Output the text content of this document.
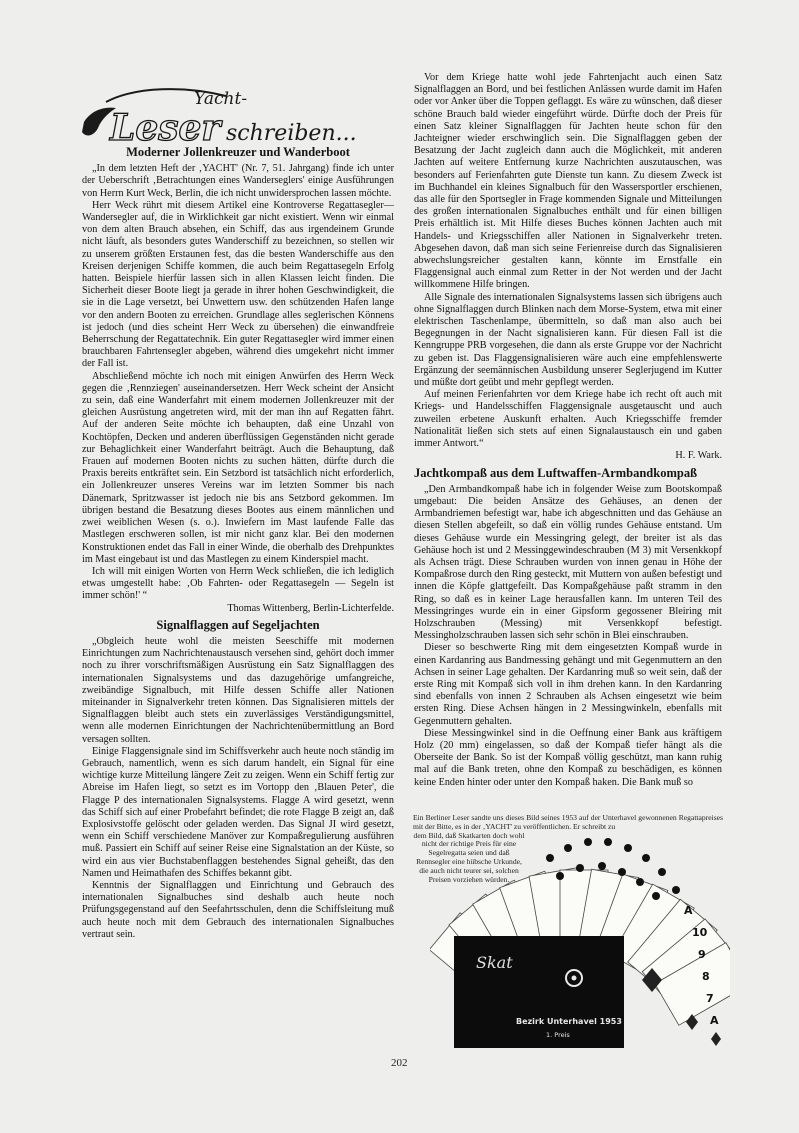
Yacht-
Leser schreiben...
Moderner Jollenkreuzer und Wanderboot

„In dem letzten Heft der ‚YACHT' (Nr. 7, 51. Jahrgang) finde ich unter der Ueberschrift ‚Betrachtungen eines Wanderseglers' einige Ausführungen von Herrn Kurt Weck, Berlin, die ich nicht unwidersprochen lassen möchte.

Herr Weck rührt mit diesem Artikel eine Kontroverse Regattasegler—Wandersegler auf, die in Wirklichkeit gar nicht existiert. Wenn wir einmal von dem alten Brauch absehen, ein Schiff, das aus irgendeinem Grunde nicht läuft, als besonders gutes Wanderschiff zu bezeichnen, so stellen wir zu unserem größten Erstaunen fest, das die besten Wanderschiffe aus den Kreisen derjenigen Schiffe kommen, die auch beim Regattasegeln Erfolg hatten. Beispiele hierfür lassen sich in allen Klassen leicht finden. Die Sicherheit dieser Boote liegt ja gerade in ihrer hohen Geschwindigkeit, die sie in die Lage versetzt, bei Unwettern usw. den schützenden Hafen lange vor den andern Booten zu erreichen. Grundlage alles seglerischen Könnens ist jedoch (und dies scheint Herr Weck zu übersehen) die einwandfreie Beherrschung der Regattatechnik. Ein guter Regattasegler wird immer einen brauchbaren Fahrtensegler abgeben, während dies umgekehrt nicht immer der Fall ist.

Abschließend möchte ich noch mit einigen Anwürfen des Herrn Weck gegen die ‚Rennziegen' auseinandersetzen. Herr Weck scheint der Ansicht zu sein, daß eine Wanderfahrt mit einem modernen Jollenkreuzer mit der gleichen Ausrüstung angetreten wird, mit der man ihn auf Regatten fährt. Auf der anderen Seite möchte ich behaupten, daß eine Unzahl von Kochtöpfen, Decken und anderen überflüssigen Gegenständen nicht gerade zur Behaglichkeit einer Wanderfahrt beiträgt. Auch die Behauptung, daß Frauen auf modernen Booten nichts zu suchen hätten, dürfte durch die Praxis bereits entkräftet sein. Ein Setzbord ist tatsächlich nicht erforderlich, ein Jollenkreuzer unseres Vereins war im letzten Sommer bis nach Dänemark, Spritzwasser ist jedoch nie bis ans Setzbord gekommen. Im übrigen bestand die Besatzung dieses Bootes aus einem männlichen und zwei weiblichen Wesen (s. o.). Inwiefern im Mast laufende Falle das Mastlegen erschweren sollen, ist mir nicht ganz klar. Bei den modernen Konstruktionen endet das Fall in einer Winde, die oberhalb des Drehpunktes im Mast eingebaut ist und das Mastlegen zu einem Kinderspiel macht.

Ich will mit einigen Worten von Herrn Weck schließen, die ich lediglich etwas umgestellt habe: ‚Ob Fahrten- oder Regattasegeln — Segeln ist immer schön!' “

Thomas Wittenberg, Berlin-Lichterfelde.

Signalflaggen auf Segeljachten

„Obgleich heute wohl die meisten Seeschiffe mit modernen Einrichtungen zum Nachrichtenaustausch versehen sind, gehört doch immer noch zu ihrer vorschriftsmäßigen Ausrüstung ein Satz Signalflaggen des internationalen Signalsystems und das dazugehörige umfangreiche, zweibändige Signalbuch, mit Hilfe dessen Schiffe aller Nationen miteinander in Signalverkehr treten können. Das Signalisieren mittels der Signalflaggen bleibt auch stets ein zuverlässiges Verständigungsmittel, wenn alle modernen Einrichtungen der Nachrichtenübermittlung an Bord versagen sollten.

Einige Flaggensignale sind im Schiffsverkehr auch heute noch ständig im Gebrauch, namentlich, wenn es sich darum handelt, ein Signal für eine wichtige kurze Mitteilung längere Zeit zu zeigen. Wenn ein Schiff fertig zur Abreise im Hafen liegt, so setzt es im Vortopp den ‚Blauen Peter', die Flagge P des internationalen Signalsystems. Flagge A wird gesetzt, wenn das Schiff sich auf einer Probefahrt befindet; die rote Flagge B zeigt an, daß Explosivstoffe gelöscht oder geladen werden. Das Signal JI wird gesetzt, wenn ein Schiff verschiedene Manöver zur Kompaßregulierung ausführen muß. Passiert ein Schiff auf seiner Reise eine Signalstation an der Küste, so wird ein aus vier Buchstabenflaggen bestehendes Signal geheißt, das den Namen und Heimathafen des Schiffes bekannt gibt.

Kenntnis der Signalflaggen und Einrichtung und Gebrauch des internationalen Signalbuches sind deshalb auch heute noch Prüfungsgegenstand auf den Seefahrtsschulen, denn die Schiffsleitung muß auch heute noch mit dem Gebrauch des internationalen Signalbuches vertraut sein.

Vor dem Kriege hatte wohl jede Fahrtenjacht auch einen Satz Signalflaggen an Bord, und bei festlichen Anlässen wurde damit im Hafen oder vor Anker über die Toppen geflaggt. Es wäre zu wünschen, daß dieser schöne Brauch bald wieder eingeführt würde. Dürfte doch der Preis für einen Satz kleiner Signalflaggen für Jachten heute schon für den Jachteigner wieder erschwinglich sein. Die Signalflaggen geben der Besatzung der Jacht zugleich dann auch die Möglichkeit, mit anderen Jachten auf weitere Entfernung kurze Nachrichten auszutauschen, was besonders auf Ferienfahrten gute Dienste tun kann. Zu diesem Zweck ist im Buchhandel ein kleines Signalbuch für den Wassersportler erschienen, das alle für den Sportsegler in Frage kommenden Signale und Mitteilungen des großen internationalen Signalbuches enthält und für einen billigen Preis erhältlich ist. Mit Hilfe dieses Buches können Jachten auch mit Handels- und Kriegsschiffen aller Nationen in Signalverkehr treten. Abgesehen davon, daß man sich seine Ferienreise durch das Signalisieren abwechslungsreicher gestalten kann, könnte im Ernstfalle ein Flaggensignal auch einmal zum Retter in der Not werden und der Jacht willkommene Hilfe bringen.

Alle Signale des internationalen Signalsystems lassen sich übrigens auch ohne Signalflaggen durch Blinken nach dem Morse-System, etwa mit einer elektrischen Taschenlampe, übermitteln, so daß man also auch bei Begegnungen in der Nacht signalisieren kann. Für diesen Fall ist die Kenngruppe PRB vorgesehen, die dann als erste Gruppe vor der Nachricht zu geben ist. Das Flaggensignalisieren wäre auch eine empfehlenswerte Ergänzung der seemännischen Ausbildung unserer Seglerjugend im Kutter und müßte dort geübt und mehr gepflegt werden.

Auf meinen Ferienfahrten vor dem Kriege habe ich recht oft auch mit Kriegs- und Handelsschiffen Flaggensignale ausgetauscht und auch zuweilen erbetene Auskunft erhalten. Auch Kriegsschiffe fremder Nationalität ließen sich stets auf einen Signalaustausch ein und gaben immer Antwort.“

H. F. Wark.

Jachtkompaß aus dem Luftwaffen-Armbandkompaß

„Den Armbandkompaß habe ich in folgender Weise zum Bootskompaß umgebaut: Die beiden Ansätze des Gehäuses, an denen der Armbandriemen befestigt war, habe ich abgeschnitten und das Gehäuse an diesen Stellen abgefeilt, so daß ein völlig rundes Gehäuse entstand. Um dieses Gehäuse wurde ein Messingring gelegt, der breiter ist als das Gehäuse hoch ist und 2 Messinggewindeschrauben (M 3) mit Versenkkopf als Achsen trägt. Diese Schrauben wurden von innen genau in Höhe der Kompaßrose durch den Ring gesteckt, mit Muttern von außen befestigt und innen die Köpfe glattgefeilt. Das Kompaßgehäuse paßt stramm in den Ring, so daß es in keiner Lage herausfallen kann. Im unteren Teil des Messingringes wurde ein in einer Gipsform gegossener Bleiring mit Holzschrauben (Messing) mit Versenkkopf befestigt. Messingholzschrauben lassen sich sehr schön in Blei einschrauben.

Dieser so beschwerte Ring mit dem eingesetzten Kompaß wurde in einen Kardanring aus Bandmessing gehängt und mit Gegenmuttern an den Achsen in seiner Lage gehalten. Der Kardanring muß so weit sein, daß der erste Ring mit Kompaß sich voll in ihm drehen kann. In den Kardanring sind ebenfalls von innen 2 Schrauben als Achsen eingesetzt wie beim ersten Ring. Diese Achsen hängen in 2 Messingwinkeln, ebenfalls mit Gegenmuttern gehalten.

Diese Messingwinkel sind in die Oeffnung einer Bank aus kräftigem Holz (20 mm) eingelassen, so daß der Kompaß tiefer hängt als die Oberseite der Bank. So ist der Kompaß völlig geschützt, man kann ruhig mal auf die Bank treten, ohne den Kompaß zu beschädigen, es können keine Enden hinter oder unter den Kompaß haken. Die Bank muß so

A
10
9
8
7
A
Skat
Bezirk Unterhavel 1953
1. Preis
Ein Berliner Leser sandte uns dieses Bild seines 1953 auf der Unterhavel gewonnenen Regattapreises mit der Bitte, es in der ‚YACHT' zu veröffentlichen. Er schreibt zu
dem Bild, daß Skatkarten doch wohl nicht der richtige Preis für eine Segelregatta seien und daß Rennsegler eine hübsche Urkunde, die auch nicht teurer sei, solchen Preisen vorziehen würden.
202
